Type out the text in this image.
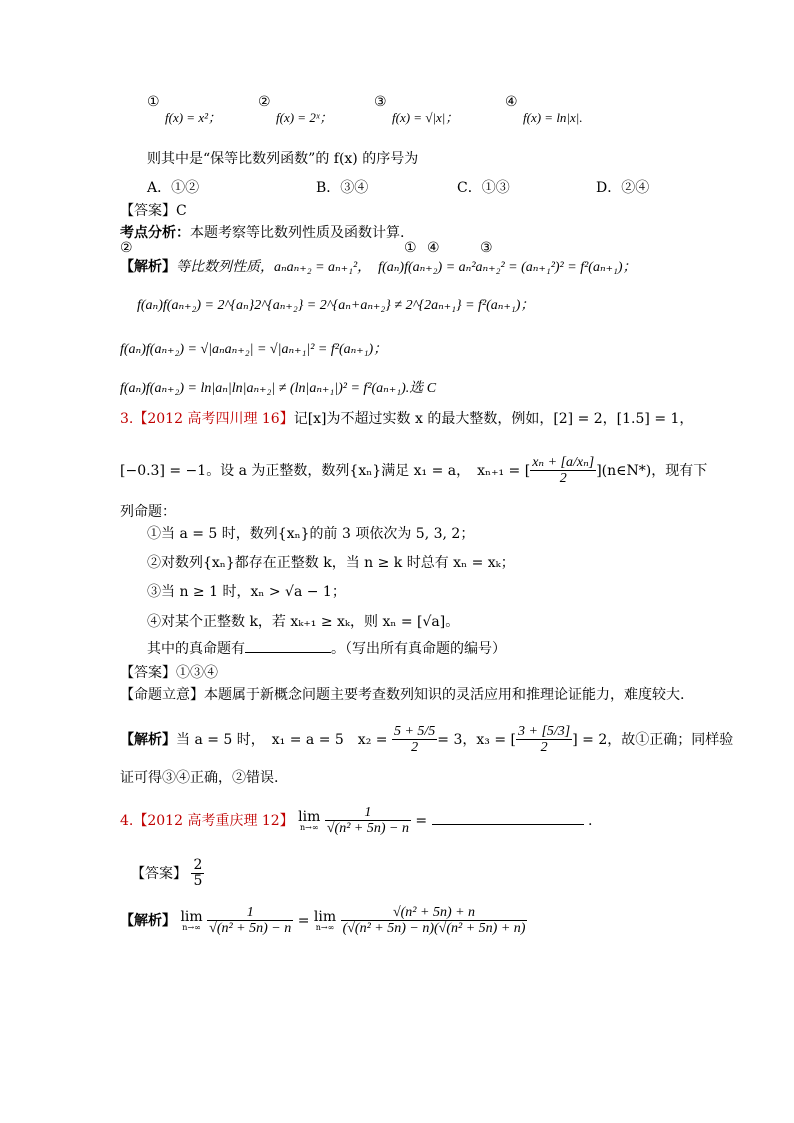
①
f(x) = x²；
②
f(x) = 2ˣ；
③
f(x) = √|x|；
④
f(x) = ln|x|.
则其中是“保等比数列函数”的 f(x) 的序号为
A．①②	B．③④	C．①③	D．②④
【答案】C
考点分析：本题考察等比数列性质及函数计算.
②	① ④	③
【解析】等比数列性质，aₙaₙ₊₂ = aₙ₊₁²，　f(aₙ)f(aₙ₊₂) = aₙ²aₙ₊₂² = (aₙ₊₁²)² = f²(aₙ₊₁)；
f(aₙ)f(aₙ₊₂) = 2^{aₙ}2^{aₙ₊₂} = 2^{aₙ+aₙ₊₂} ≠ 2^{2aₙ₊₁} = f²(aₙ₊₁)；
f(aₙ)f(aₙ₊₂) = √|aₙaₙ₊₂| = √|aₙ₊₁|² = f²(aₙ₊₁)；
f(aₙ)f(aₙ₊₂) = ln|aₙ|ln|aₙ₊₂| ≠ (ln|aₙ₊₁|)² = f²(aₙ₊₁).选 C
3.【2012 高考四川理 16】记[x]为不超过实数 x 的最大整数，例如，[2] = 2，[1.5] = 1，
[−0.3] = −1。设 a 为正整数，数列{xₙ}满足 x₁ = a，　xₙ₊₁ = [ $\frac{\text{xₙ + [a/xₙ]}}{2}$ ](n∈N*)，现有下
列命题：
①当 a = 5 时，数列{xₙ}的前 3 项依次为 5, 3, 2；
②对数列{xₙ}都存在正整数 k，当 n ≥ k 时总有 xₙ = xₖ；
③当 n ≥ 1 时，xₙ > √a − 1；
④对某个正整数 k，若 xₖ₊₁ ≥ xₖ，则 xₙ = [√a]。
其中的真命题有	。（写出所有真命题的编号）
【答案】①③④
【命题立意】本题属于新概念问题主要考查数列知识的灵活应用和推理论证能力，难度较大.
【解析】当 a = 5 时，　x₁ = a = 5　$x_2 = \frac{5 + 5/5}{2} = 3$，x₃ = [ $\frac{3 + [5/3]}{2}$ ] = 2，故①正确；同样验
证可得③④正确，②错误.
4.【2012 高考重庆理 12】 lim
n→∞
$\frac{1}{\text{√(n² + 5n) − n}}$ =	.
【答案】 $\frac{2}{5}$
【解析】 lim
n→∞
$\frac{1}{\text{√(n² + 5n) − n}} = \lim$
n→∞
$\frac{\text{√(n² + 5n) + n}}{\text{(√(n² + 5n) − n)(√(n² + 5n) + n)}}$
